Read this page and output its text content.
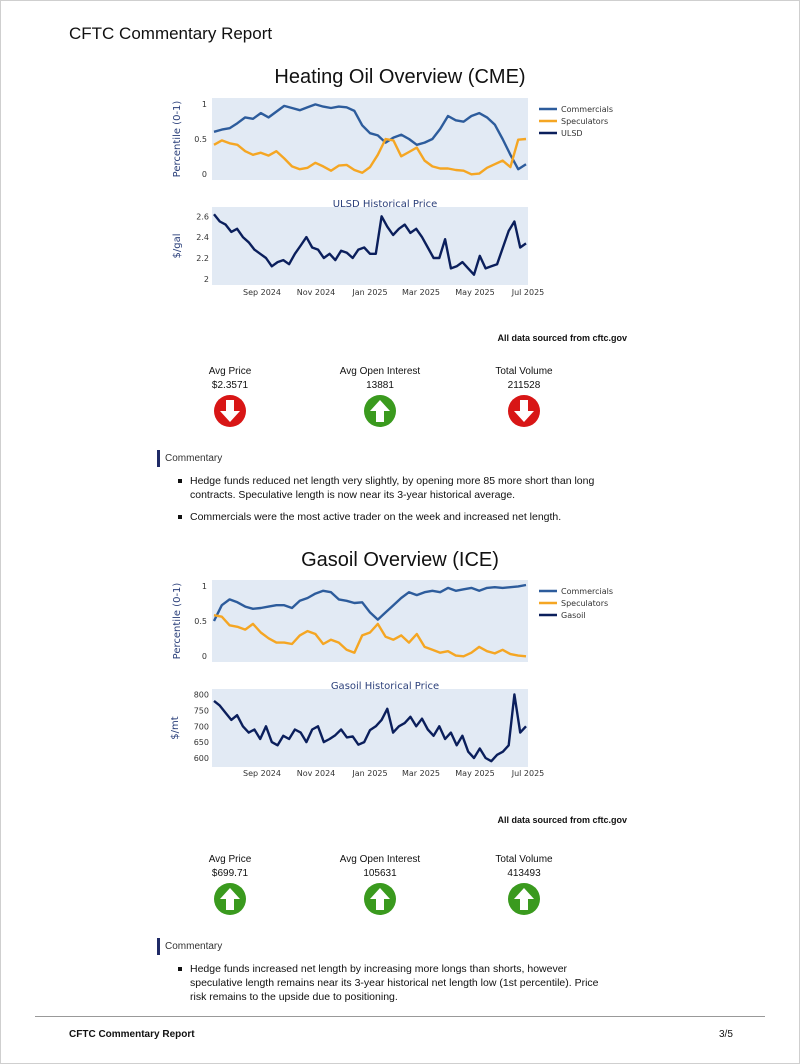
CFTC Commentary Report
Heating Oil Overview (CME)
1
0.5
0
Percentile (0-1)	Commercials
Speculators
ULSD
ULSD Historical Price
$/gal
2.6
2.4
2.2
2
Sep 2024 Nov 2024 Jan 2025 Mar 2025 May 2025 Jul 2025
All data sourced from cftc.gov
Avg Price
$2.3571
Avg Open Interest
13881
Total Volume
211528
Commentary
Hedge funds reduced net length very slightly, by opening more 85 more short than long contracts. Speculative length is now near its 3-year historical average.
Commercials were the most active trader on the week and increased net length.
Gasoil Overview (ICE)
1
0.5
0
Percentile (0-1)	Commercials
Speculators
Gasoil
Gasoil Historical Price
$/mt
800
750
700
650
600
Sep 2024 Nov 2024 Jan 2025 Mar 2025 May 2025 Jul 2025
All data sourced from cftc.gov
Avg Price
$699.71
Avg Open Interest
105631
Total Volume
413493
Commentary
Hedge funds increased net length by increasing more longs than shorts, however speculative length remains near its 3-year historical net length low (1st percentile). Price risk remains to the upside due to positioning.
CFTC Commentary Report	3/5
